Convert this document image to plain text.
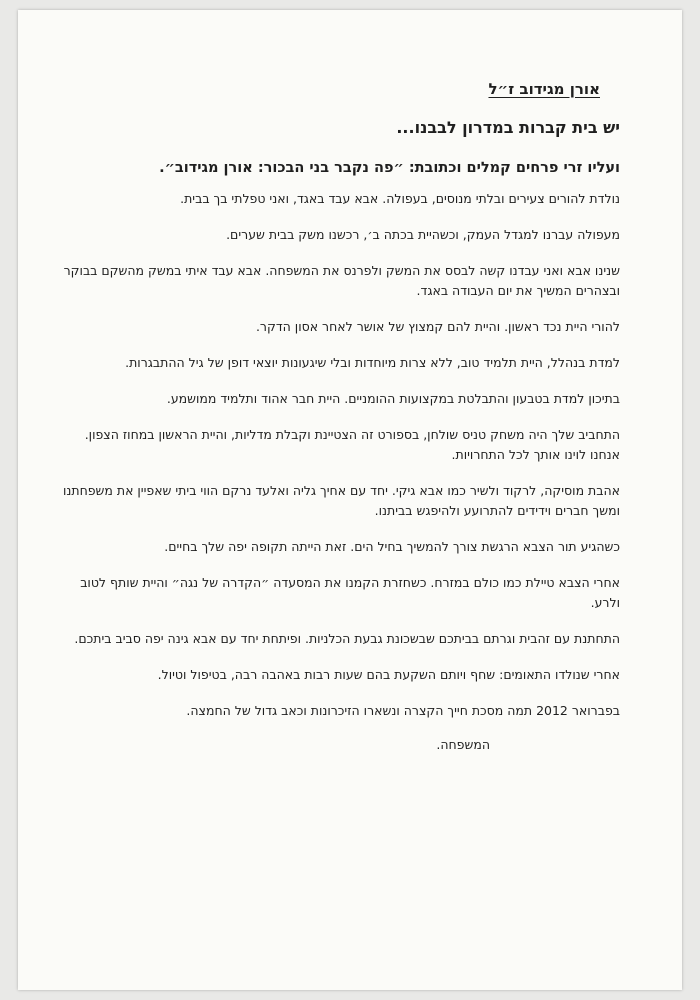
אורן מגידוב ז״ל
יש בית קברות במדרון לבבנו...
ועליו זרי פרחים קמלים וכתובת: ״פה נקבר בני הבכור: אורן מגידוב״.

נולדת להורים צעירים ובלתי מנוסים, בעפולה. אבא עבד באגד, ואני טפלתי בך בבית.

מעפולה עברנו למגדל העמק, וכשהיית בכתה ב׳, רכשנו משק בבית שערים.

שנינו אבא ואני עבדנו קשה לבסס את המשק ולפרנס את המשפחה. אבא עבד איתי במשק מהשקם בבוקר ובצהרים המשיך את יום העבודה באגד.

להורי היית נכד ראשון. והיית להם קמצוץ של אושר לאחר אסון הדקר.

למדת בנהלל, היית תלמיד טוב, ללא צרות מיוחדות ובלי שיגעונות יוצאי דופן של גיל ההתבגרות.

בתיכון למדת בטבעון והתבלטת במקצועות ההומניים. היית חבר אהוד ותלמיד ממושמע.

התחביב שלך היה משחק טניס שולחן, בספורט זה הצטיינת וקבלת מדליות, והיית הראשון במחוז הצפון. אנחנו לוינו אותך לכל התחרויות.

אהבת מוסיקה, לרקוד ולשיר כמו אבא גיקי. יחד עם אחיך גליה ואלעד נרקם הווי ביתי שאפיין את משפחתנו ומשך חברים וידידים להתרועע ולהיפגש בביתנו.

כשהגיע תור הצבא הרגשת צורך להמשיך בחיל הים. זאת הייתה תקופה יפה שלך בחיים.

אחרי הצבא טיילת כמו כולם במזרח. כשחזרת הקמנו את המסעדה ״הקדרה של נגה״ והיית שותף לטוב ולרע.

התחתנת עם זהבית וגרתם בביתכם שבשכונת גבעת הכלניות. ופיתחת יחד עם אבא גינה יפה סביב ביתכם.

אחרי שנולדו התאומים: שחף ויותם השקעת בהם שעות רבות באהבה רבה, בטיפול וטיול.

בפברואר 2012 תמה מסכת חייך הקצרה ונשארו הזיכרונות וכאב גדול של החמצה.

המשפחה.
